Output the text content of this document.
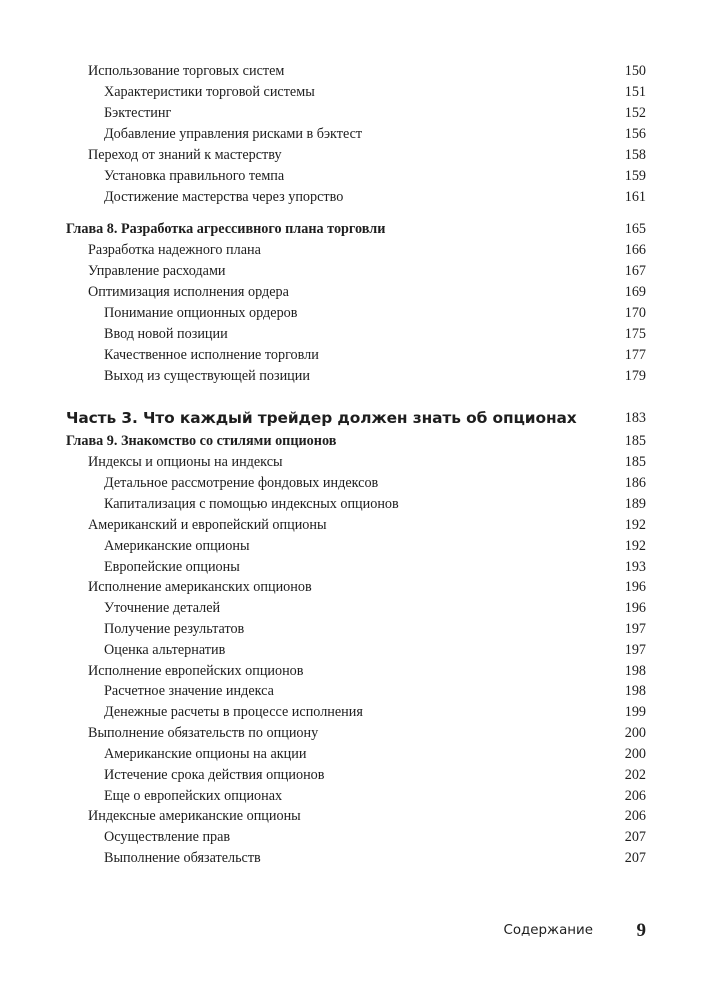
Использование торговых систем	150
Характеристики торговой системы	151
Бэктестинг	152
Добавление управления рисками в бэктест	156
Переход от знаний к мастерству	158
Установка правильного темпа	159
Достижение мастерства через упорство	161
Глава 8. Разработка агрессивного плана торговли	165
Разработка надежного плана	166
Управление расходами	167
Оптимизация исполнения ордера	169
Понимание опционных ордеров	170
Ввод новой позиции	175
Качественное исполнение торговли	177
Выход из существующей позиции	179
Часть 3. Что каждый трейдер должен знать об опционах	183
Глава 9. Знакомство со стилями опционов	185
Индексы и опционы на индексы	185
Детальное рассмотрение фондовых индексов	186
Капитализация с помощью индексных опционов	189
Американский и европейский опционы	192
Американские опционы	192
Европейские опционы	193
Исполнение американских опционов	196
Уточнение деталей	196
Получение результатов	197
Оценка альтернатив	197
Исполнение европейских опционов	198
Расчетное значение индекса	198
Денежные расчеты в процессе исполнения	199
Выполнение обязательств по опциону	200
Американские опционы на акции	200
Истечение срока действия опционов	202
Еще о европейских опционах	206
Индексные американские опционы	206
Осуществление прав	207
Выполнение обязательств	207
Содержание	9
